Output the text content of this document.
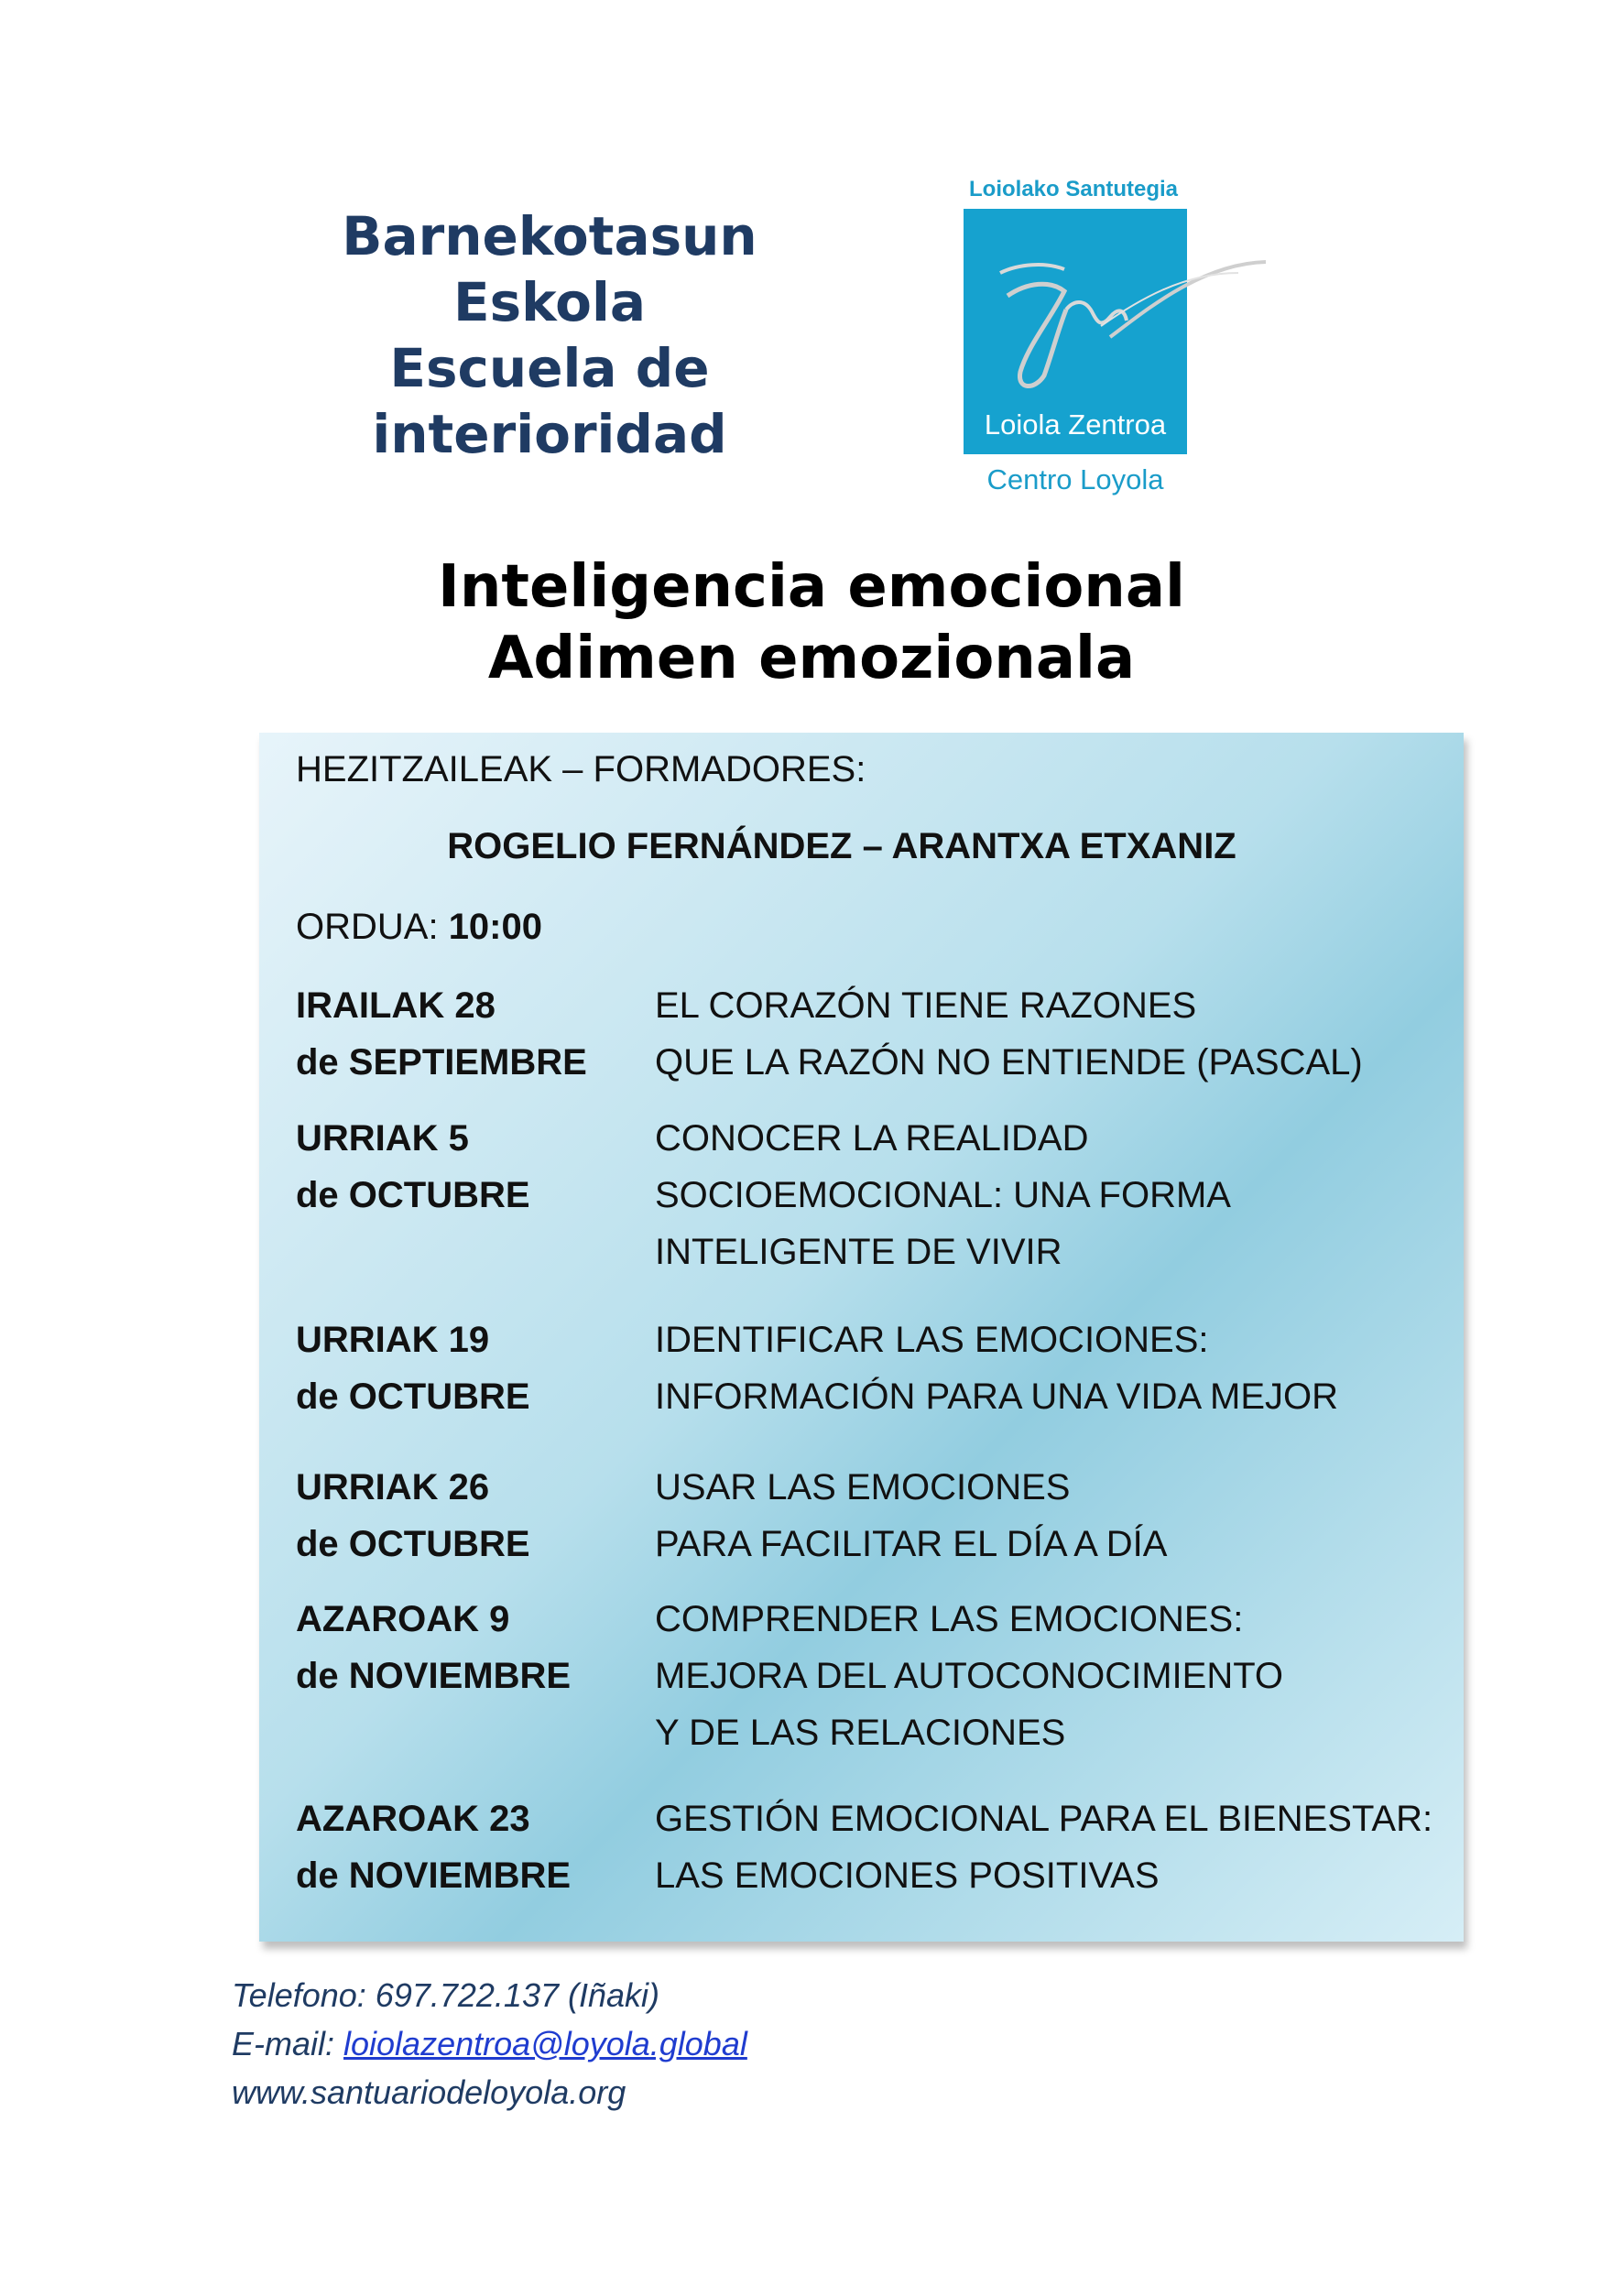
Barnekotasun
Eskola
Escuela de
interioridad
Loiolako Santutegia
Loiola Zentroa
Centro Loyola
Inteligencia emocional
Adimen emozionala
HEZITZAILEAK – FORMADORES:
ROGELIO FERNÁNDEZ – ARANTXA ETXANIZ
ORDUA: 10:00
IRAILAK 28
de SEPTIEMBRE
EL CORAZÓN TIENE RAZONES
QUE LA RAZÓN NO ENTIENDE (PASCAL)
URRIAK 5
de OCTUBRE
CONOCER LA REALIDAD
SOCIOEMOCIONAL: UNA FORMA
INTELIGENTE DE VIVIR
URRIAK 19
de OCTUBRE
IDENTIFICAR LAS EMOCIONES:
INFORMACIÓN PARA UNA VIDA MEJOR
URRIAK 26
de OCTUBRE
USAR LAS EMOCIONES
PARA FACILITAR EL DÍA A DÍA
AZAROAK 9
de NOVIEMBRE
COMPRENDER LAS EMOCIONES:
MEJORA DEL AUTOCONOCIMIENTO
Y DE LAS RELACIONES
AZAROAK 23
de NOVIEMBRE
GESTIÓN EMOCIONAL PARA EL BIENESTAR:
LAS EMOCIONES POSITIVAS
Telefono: 697.722.137 (Iñaki)
E-mail: loiolazentroa@loyola.global
www.santuariodeloyola.org
